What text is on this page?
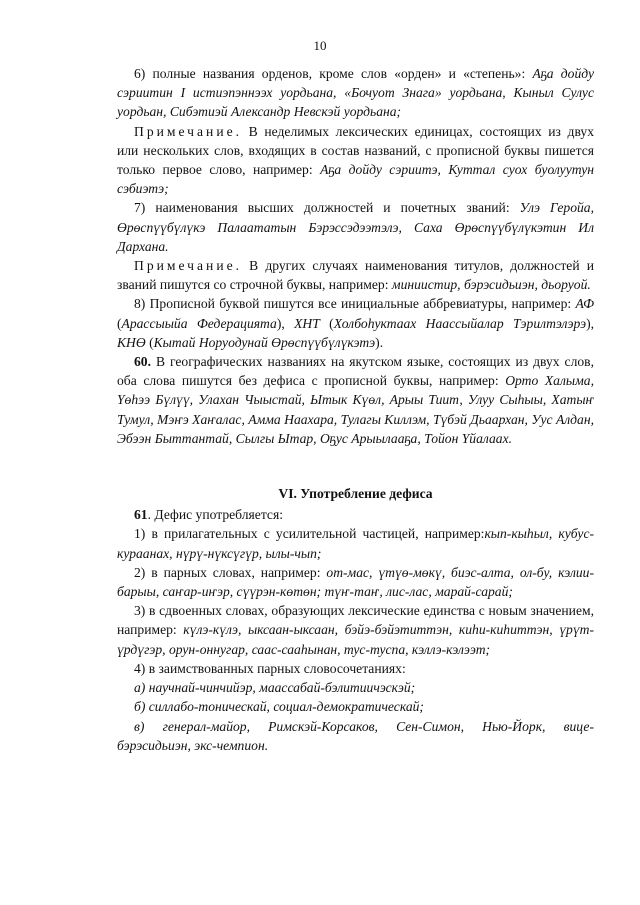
10

6) полные названия орденов, кроме слов «орден» и «степень»: Аҕа дойду сэриитин I истиэпэннээх уордьана, «Бочуот Знага» уордьана, Кыныл Сулус уордьан, Сибэтиэй Александр Невскэй уордьана;

Примечание. В неделимых лексических единицах, состоящих из двух или нескольких слов, входящих в состав названий, с прописной буквы пишется только первое слово, например: Аҕа дойду сэриитэ, Куттал суох буолуутун сэбиэтэ;

7) наименования высших должностей и почетных званий: Улэ Геройа, Өрөспүүбүлүкэ Палаататын Бэрэссэдээтэлэ, Саха Өрөспүүбүлүкэтин Ил Дархана.

Примечание. В других случаях наименования титулов, должностей и званий пишутся со строчной буквы, например: миниистир, бэрэсидьиэн, дьоруой.

8) Прописной буквой пишутся все инициальные аббревиатуры, например: АФ (Арассыыйа Федерацията), ХНТ (Холбоһуктаах Наассыйалар Тэрилтэлэрэ), КНӨ (Кытай Норуодунай Өрөспүүбүлүкэтэ).

60. В географических названиях на якутском языке, состоящих из двух слов, оба слова пишутся без дефиса с прописной буквы, например: Орто Халыма, Үөһээ Бүлүү, Улахан Чыыстай, Ытык Күөл, Арыы Тиит, Улуу Сыһыы, Хатыҥ Тумул, Мэҥэ Хаҥалас, Амма Наахара, Тулагы Киллэм, Түбэй Дьаархан, Уус Алдан, Эбээн Быттантай, Сылгы Ытар, Оҕус Арыылааҕа, Тойон Үйалаах.

VI. Употребление дефиса

61. Дефис употребляется:

1) в прилагательных с усилительной частицей, например:кып-кыһыл, кубус-кураанах, нүрү-нүксүгүр, ылы-чып;

2) в парных словах, например: от-мас, үтүө-мөкү, биэс-алта, ол-бу, кэлии-барыы, саҥар-иҥэр, сүүрэн-көтөн; түҥ-таҥ, лис-лас, марай-сарай;

3) в сдвоенных словах, образующих лексические единства с новым значением, например: күлэ-күлэ, ыксаан-ыксаан, бэйэ-бэйэтиттэн, киһи-киһиттэн, үрүт-үрдүгэр, орун-оннугар, саас-сааһынан, тус-туспа, кэллэ-кэлээт;

4) в заимствованных парных словосочетаниях:

а) научнай-чинчийэр, маассабай-бэлитиичэскэй;

б) силлабо-тоническай, социал-демократическай;

в) генерал-майор, Римскэй-Корсаков, Сен-Симон, Нью-Йорк, вице-бэрэсидьиэн, экс-чемпион.
